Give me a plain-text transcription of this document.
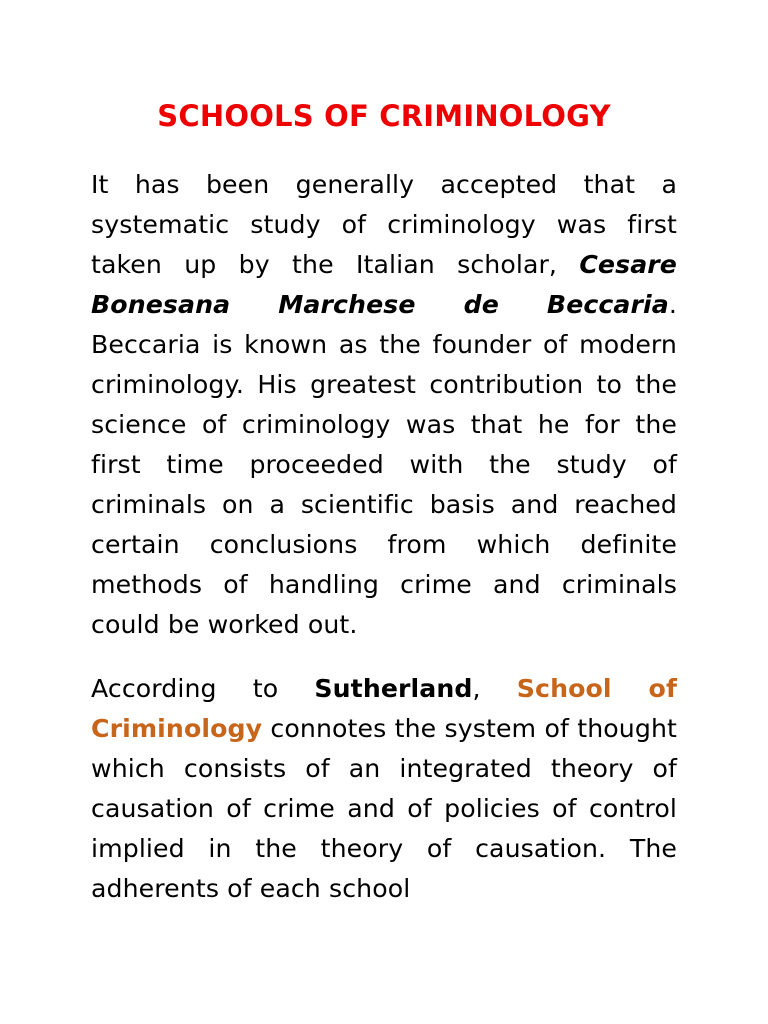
SCHOOLS OF CRIMINOLOGY

It has been generally accepted that a systematic study of criminology was first taken up by the Italian scholar, Cesare Bonesana Marchese de Beccaria. Beccaria is known as the founder of modern criminology. His greatest contribution to the science of criminology was that he for the first time proceeded with the study of criminals on a scientific basis and reached certain conclusions from which definite methods of handling crime and criminals could be worked out.

According to Sutherland, School of Criminology connotes the system of thought which consists of an integrated theory of causation of crime and of policies of control implied in the theory of causation. The adherents of each school
